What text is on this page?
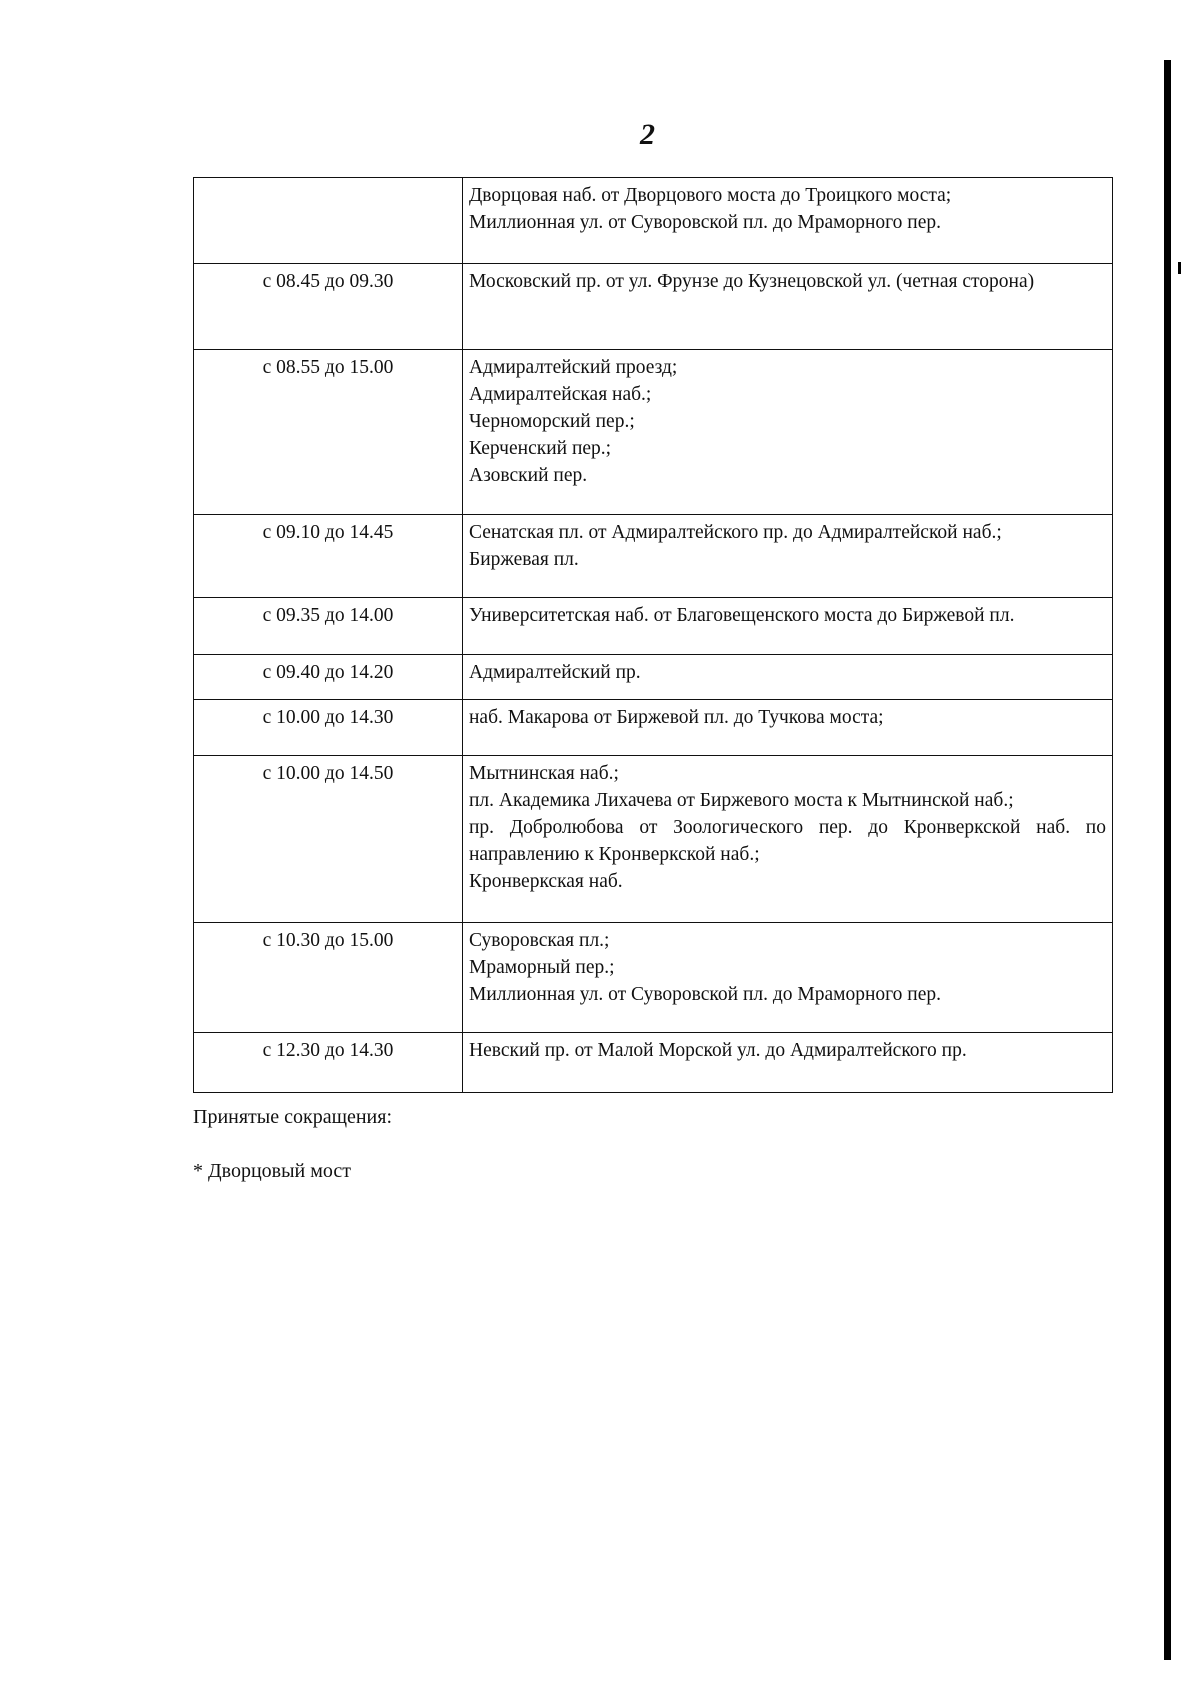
2

	Дворцовая наб. от Дворцового моста до Троицкого моста;
Миллионная ул. от Суворовской пл. до Мраморного пер.

с 08.45 до 09.30	Московский пр. от ул. Фрунзе до Кузнецовской ул. (четная сторона)

с 08.55 до 15.00	Адмиралтейский проезд;
Адмиралтейская наб.;
Черноморский пер.;
Керченский пер.;
Азовский пер.

с 09.10 до 14.45	Сенатская пл. от Адмиралтейского пр. до Адмиралтейской наб.;
Биржевая пл.

с 09.35 до 14.00	Университетская наб. от Благовещенского моста до Биржевой пл.

с 09.40 до 14.20	Адмиралтейский пр.

с 10.00 до 14.30	наб. Макарова от Биржевой пл. до Тучкова моста;

с 10.00 до 14.50	Мытнинская наб.;
пл. Академика Лихачева от Биржевого моста к Мытнинской наб.;
пр. Добролюбова от Зоологического пер. до Кронверкской наб. по направлению к Кронверкской наб.;
Кронверкская наб.

с 10.30 до 15.00	Суворовская пл.;
Мраморный пер.;
Миллионная ул. от Суворовской пл. до Мраморного пер.

с 12.30 до 14.30	Невский пр. от Малой Морской ул. до Адмиралтейского пр.
Принятые сокращения:
* Дворцовый мост
